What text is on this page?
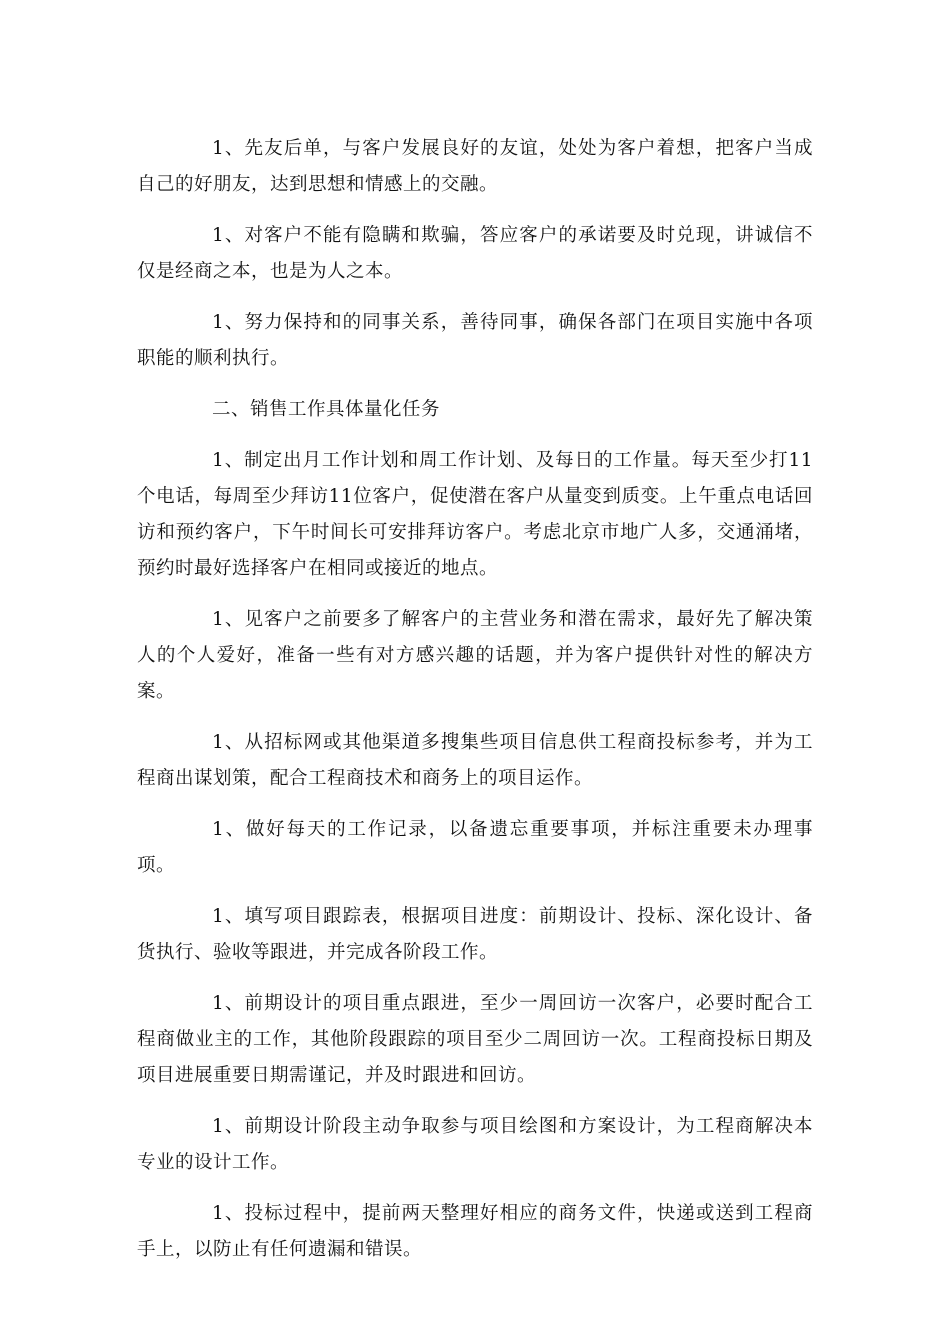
1、先友后单，与客户发展良好的友谊，处处为客户着想，把客户当成自己的好朋友，达到思想和情感上的交融。

1、对客户不能有隐瞒和欺骗，答应客户的承诺要及时兑现，讲诚信不仅是经商之本，也是为人之本。

1、努力保持和的同事关系，善待同事，确保各部门在项目实施中各项职能的顺利执行。

二、销售工作具体量化任务

1、制定出月工作计划和周工作计划、及每日的工作量。每天至少打11个电话，每周至少拜访11位客户，促使潜在客户从量变到质变。上午重点电话回访和预约客户，下午时间长可安排拜访客户。考虑北京市地广人多，交通涌堵，预约时最好选择客户在相同或接近的地点。

1、见客户之前要多了解客户的主营业务和潜在需求，最好先了解决策人的个人爱好，准备一些有对方感兴趣的话题，并为客户提供针对性的解决方案。

1、从招标网或其他渠道多搜集些项目信息供工程商投标参考，并为工程商出谋划策，配合工程商技术和商务上的项目运作。

1、做好每天的工作记录，以备遗忘重要事项，并标注重要未办理事项。

1、填写项目跟踪表，根据项目进度：前期设计、投标、深化设计、备货执行、验收等跟进，并完成各阶段工作。

1、前期设计的项目重点跟进，至少一周回访一次客户，必要时配合工程商做业主的工作，其他阶段跟踪的项目至少二周回访一次。工程商投标日期及项目进展重要日期需谨记，并及时跟进和回访。

1、前期设计阶段主动争取参与项目绘图和方案设计，为工程商解决本专业的设计工作。

1、投标过程中，提前两天整理好相应的商务文件，快递或送到工程商手上，以防止有任何遗漏和错误。
